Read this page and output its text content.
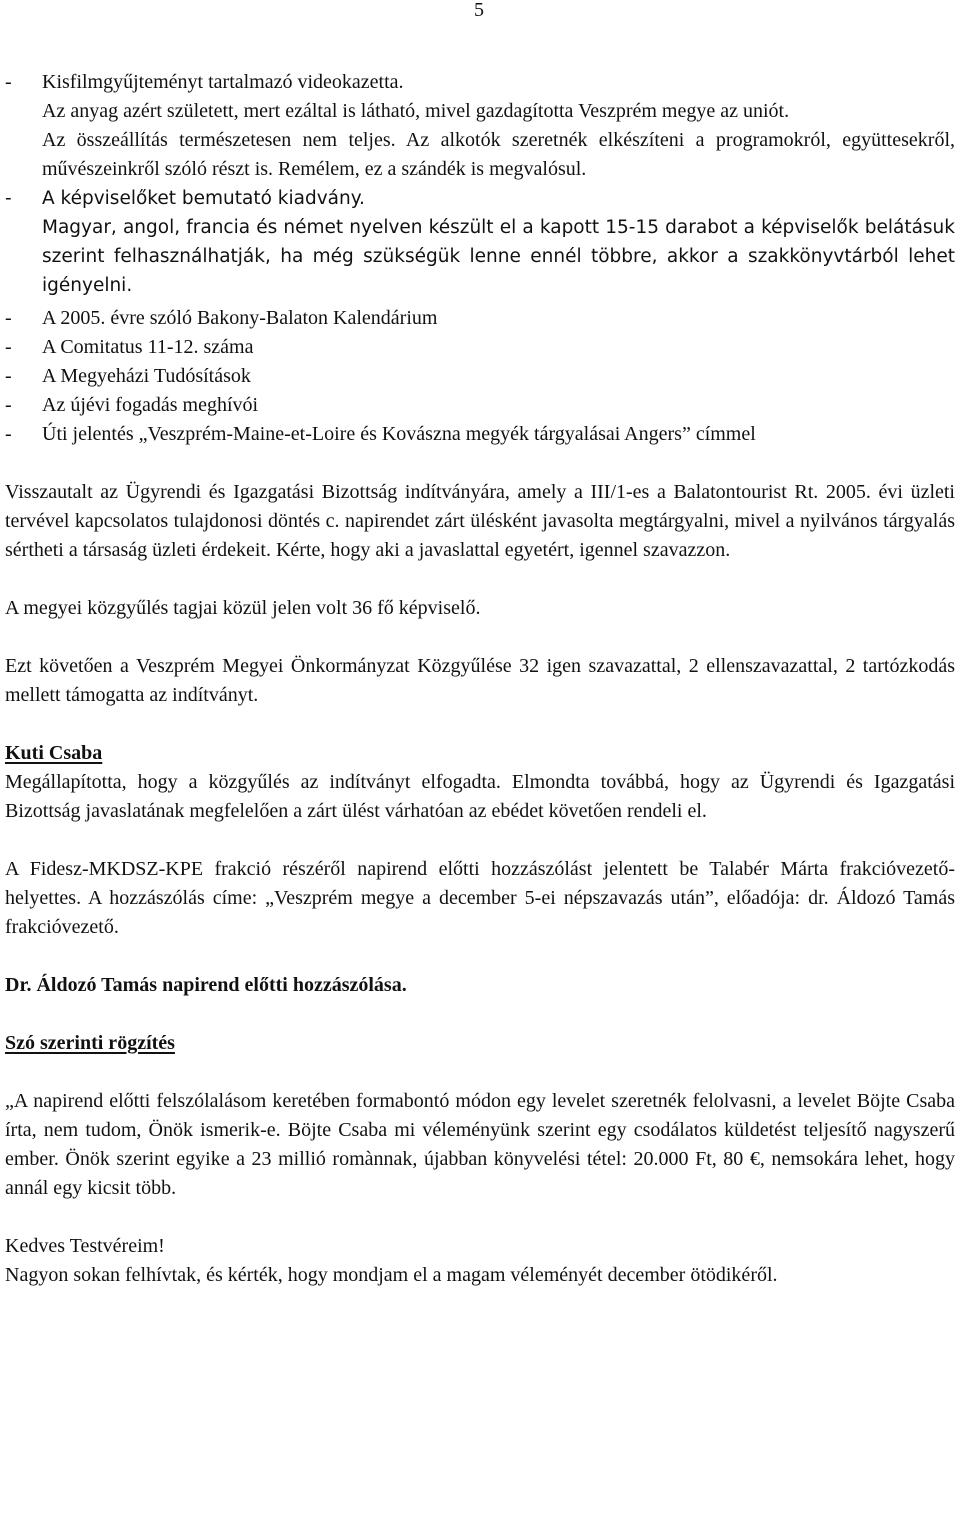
5
- Kisfilmgyűjteményt tartalmazó videokazetta.

Az anyag azért született, mert ezáltal is látható, mivel gazdagította Veszprém megye az uniót.

Az összeállítás természetesen nem teljes. Az alkotók szeretnék elkészíteni a programokról, együttesekről, művészeinkről szóló részt is. Remélem, ez a szándék is megvalósul.

- A képviselőket bemutató kiadvány.

Magyar, angol, francia és német nyelven készült el a kapott 15-15 darabot a képviselők belátásuk szerint felhasználhatják, ha még szükségük lenne ennél többre, akkor a szakkönyvtárból lehet igényelni.

- A 2005. évre szóló Bakony-Balaton Kalendárium
- A Comitatus 11-12. száma
- A Megyeházi Tudósítások
- Az újévi fogadás meghívói
- Úti jelentés „Veszprém-Maine-et-Loire és Kovászna megyék tárgyalásai Angers” címmel

Visszautalt az Ügyrendi és Igazgatási Bizottság indítványára, amely a III/1-es a Balatontourist Rt. 2005. évi üzleti tervével kapcsolatos tulajdonosi döntés c. napirendet zárt ülésként javasolta megtárgyalni, mivel a nyilvános tárgyalás sértheti a társaság üzleti érdekeit. Kérte, hogy aki a javaslattal egyetért, igennel szavazzon.

A megyei közgyűlés tagjai közül jelen volt 36 fő képviselő.

Ezt követően a Veszprém Megyei Önkormányzat Közgyűlése 32 igen szavazattal, 2 ellenszavazattal, 2 tartózkodás mellett támogatta az indítványt.

Kuti Csaba

Megállapította, hogy a közgyűlés az indítványt elfogadta. Elmondta továbbá, hogy az Ügyrendi és Igazgatási Bizottság javaslatának megfelelően a zárt ülést várhatóan az ebédet követően rendeli el.

A Fidesz-MKDSZ-KPE frakció részéről napirend előtti hozzászólást jelentett be Talabér Márta frakcióvezető-helyettes. A hozzászólás címe: „Veszprém megye a december 5-ei népszavazás után”, előadója: dr. Áldozó Tamás frakcióvezető.

Dr. Áldozó Tamás napirend előtti hozzászólása.

Szó szerinti rögzítés

„A napirend előtti felszólalásom keretében formabontó módon egy levelet szeretnék felolvasni, a levelet Böjte Csaba írta, nem tudom, Önök ismerik-e. Böjte Csaba mi véleményünk szerint egy csodálatos küldetést teljesítő nagyszerű ember. Önök szerint egyike a 23 millió romànnak, újabban könyvelési tétel: 20.000 Ft, 80 €, nemsokára lehet, hogy annál egy kicsit több.

Kedves Testvéreim!

Nagyon sokan felhívtak, és kérték, hogy mondjam el a magam véleményét december ötödikéről.
